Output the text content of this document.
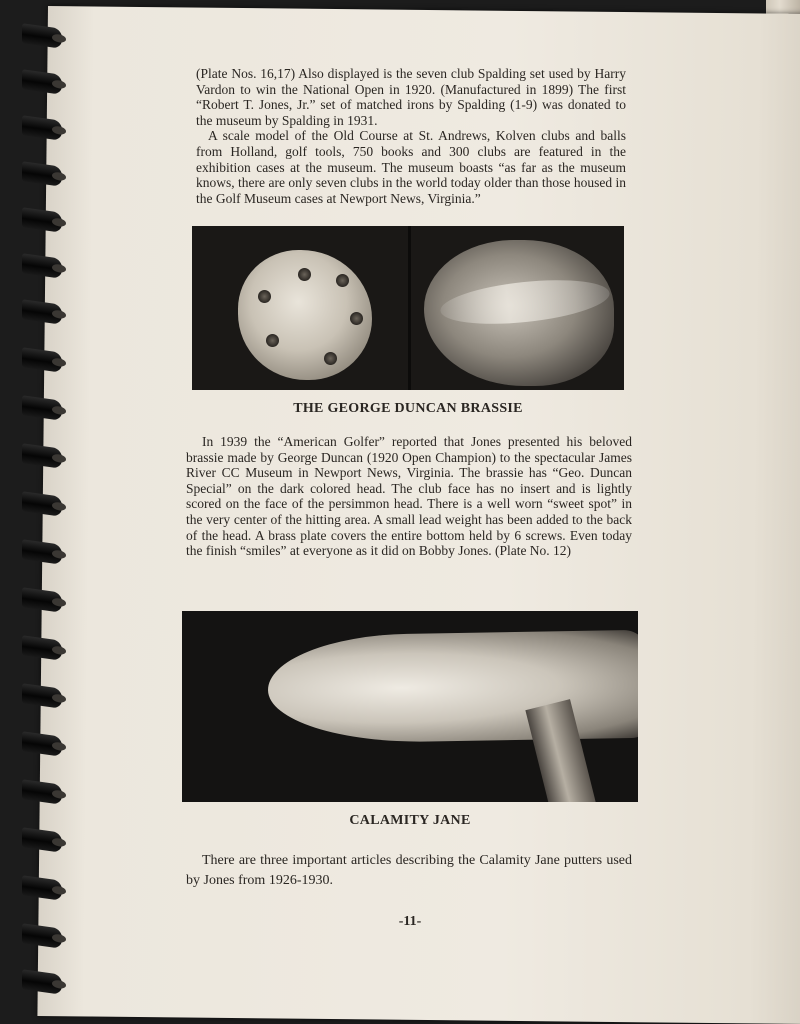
(Plate Nos. 16,17) Also displayed is the seven club Spalding set used by Harry Vardon to win the National Open in 1920. (Manufactured in 1899) The first “Robert T. Jones, Jr.” set of matched irons by Spalding (1-9) was donated to the museum by Spalding in 1931.

A scale model of the Old Course at St. Andrews, Kolven clubs and balls from Holland, golf tools, 750 books and 300 clubs are featured in the exhibition cases at the museum. The museum boasts “as far as the museum knows, there are only seven clubs in the world today older than those housed in the Golf Museum cases at Newport News, Virginia.”

THE GEORGE DUNCAN BRASSIE

In 1939 the “American Golfer” reported that Jones presented his beloved brassie made by George Duncan (1920 Open Champion) to the spectacular James River CC Museum in Newport News, Virginia. The brassie has “Geo. Duncan Special” on the dark colored head. The club face has no insert and is lightly scored on the face of the persimmon head. There is a well worn “sweet spot” in the very center of the hitting area. A small lead weight has been added to the back of the head. A brass plate covers the entire bottom held by 6 screws. Even today the finish “smiles” at everyone as it did on Bobby Jones. (Plate No. 12)

CALAMITY JANE

There are three important articles describing the Calamity Jane putters used by Jones from 1926-1930.

-11-
